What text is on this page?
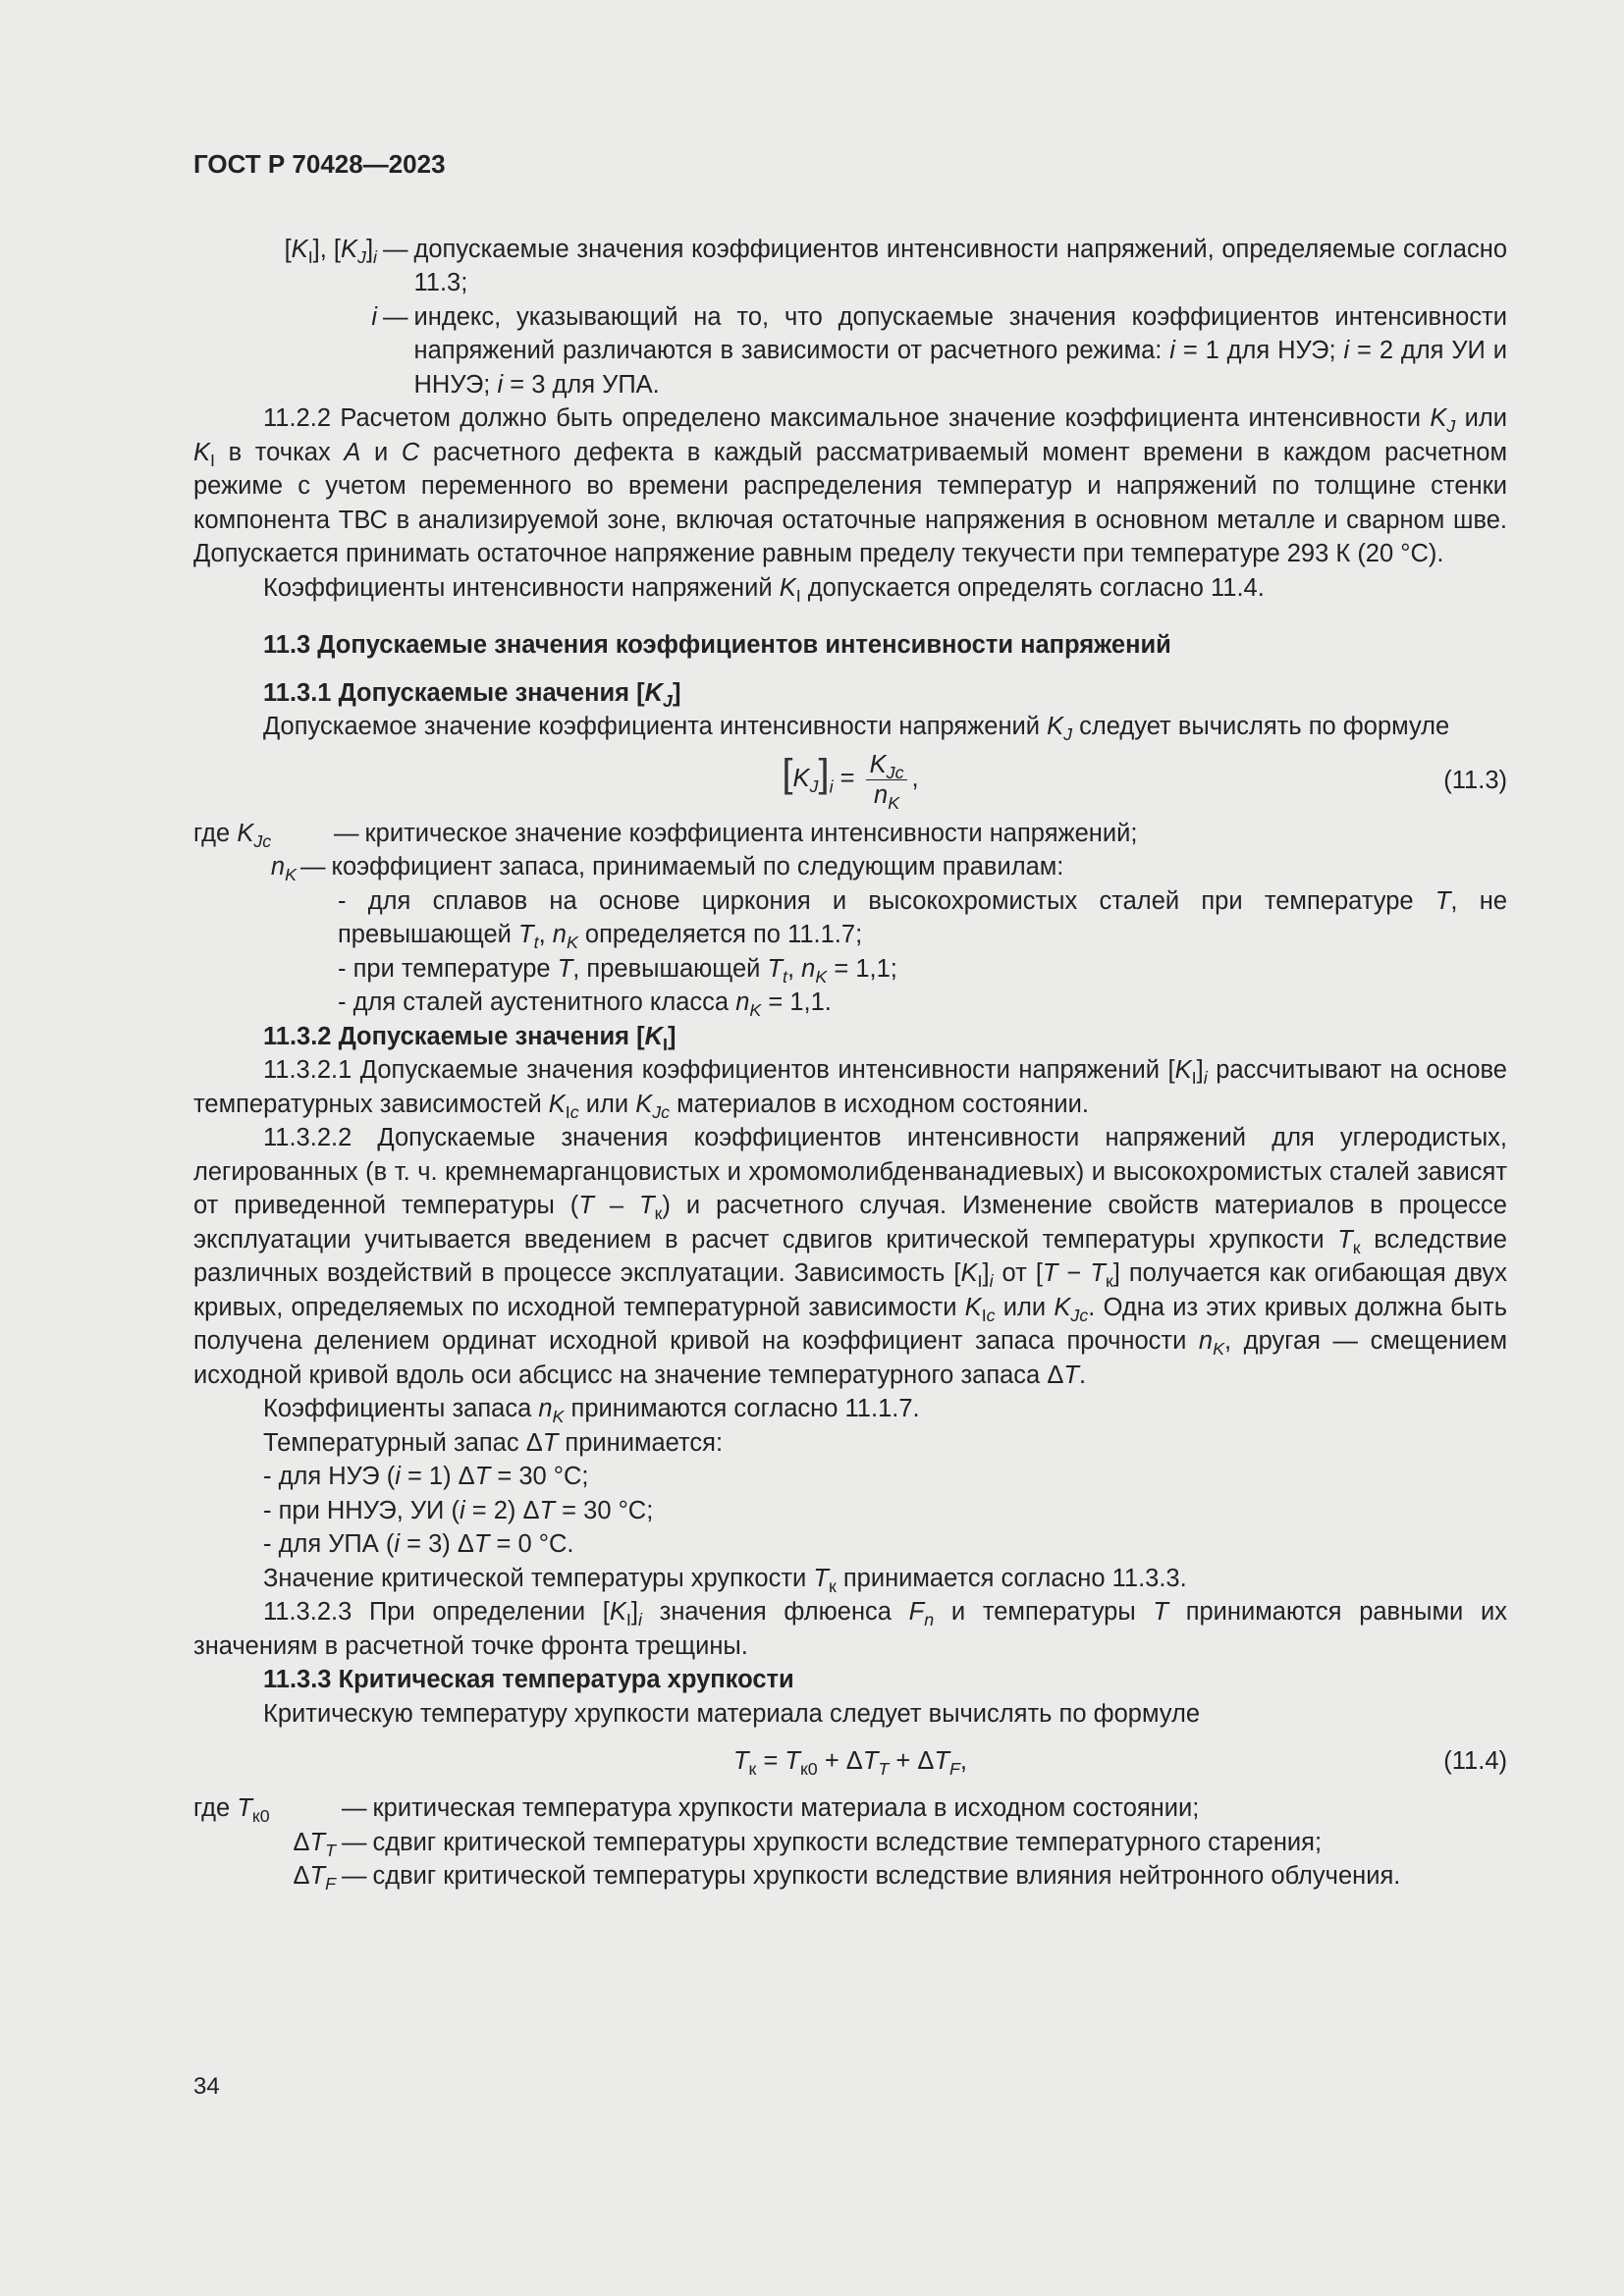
ГОСТ Р 70428—2023
$[K_I]$, $[K_J]_i$ — допускаемые значения коэффициентов интенсивности напряжений, определяемые согласно 11.3;
i — индекс, указывающий на то, что допускаемые значения коэффициентов интенсивности напряжений различаются в зависимости от расчетного режима: i = 1 для НУЭ; i = 2 для УИ и ННУЭ; i = 3 для УПА.
11.2.2 Расчетом должно быть определено максимальное значение коэффициента интенсивности $K_J$ или $K_I$ в точках A и C расчетного дефекта в каждый рассматриваемый момент времени в каждом расчетном режиме с учетом переменного во времени распределения температур и напряжений по толщине стенки компонента ТВС в анализируемой зоне, включая остаточные напряжения в основном металле и сварном шве. Допускается принимать остаточное напряжение равным пределу текучести при температуре 293 К (20 °C).
Коэффициенты интенсивности напряжений $K_I$ допускается определять согласно 11.4.
11.3 Допускаемые значения коэффициентов интенсивности напряжений
11.3.1 Допускаемые значения $[K_J]$
Допускаемое значение коэффициента интенсивности напряжений $K_J$ следует вычислять по формуле
$[K_J]_i = \frac{K_{Jc}}{n_K}$ ,	(11.3)
где $K_{Jc}$	— критическое значение коэффициента интенсивности напряжений;
$n_K$ — коэффициент запаса, принимаемый по следующим правилам:
- для сплавов на основе циркония и высокохромистых сталей при температуре T, не превышающей $T_t$, $n_K$ определяется по 11.1.7;
- при температуре T, превышающей $T_t$, $n_K = 1,1$;
- для сталей аустенитного класса $n_K = 1,1$.
11.3.2 Допускаемые значения $[K_I]$
11.3.2.1 Допускаемые значения коэффициентов интенсивности напряжений $[K_I]_i$ рассчитывают на основе температурных зависимостей $K_{Ic}$ или $K_{Jc}$ материалов в исходном состоянии.
11.3.2.2 Допускаемые значения коэффициентов интенсивности напряжений для углеродистых, легированных (в т. ч. кремнемарганцовистых и хромомолибденванадиевых) и высокохромистых сталей зависят от приведенной температуры $(T - T_к)$ и расчетного случая. Изменение свойств материалов в процессе эксплуатации учитывается введением в расчет сдвигов критической температуры хрупкости $T_к$ вследствие различных воздействий в процессе эксплуатации. Зависимость $[K_I]_i$ от $[T - T_к]$ получается как огибающая двух кривых, определяемых по исходной температурной зависимости $K_{Ic}$ или $K_{Jc}$. Одна из этих кривых должна быть получена делением ординат исходной кривой на коэффициент запаса прочности $n_K$, другая — смещением исходной кривой вдоль оси абсцисс на значение температурного запаса ΔT.
Коэффициенты запаса $n_K$ принимаются согласно 11.1.7.
Температурный запас ΔT принимается:
- для НУЭ (i = 1) ΔT = 30 °C;
- при ННУЭ, УИ (i = 2) ΔT = 30 °C;
- для УПА (i = 3) ΔT = 0 °C.
Значение критической температуры хрупкости $T_к$ принимается согласно 11.3.3.
11.3.2.3 При определении $[K_I]_i$ значения флюенса $F_n$ и температуры T принимаются равными их значениям в расчетной точке фронта трещины.
11.3.3 Критическая температура хрупкости
Критическую температуру хрупкости материала следует вычислять по формуле
$T_к = T_{к0} + \Delta T_T + \Delta T_F$,	(11.4)
где $T_{к0}$	— критическая температура хрупкости материала в исходном состоянии;
$\Delta T_T$ — сдвиг критической температуры хрупкости вследствие температурного старения;
$\Delta T_F$ — сдвиг критической температуры хрупкости вследствие влияния нейтронного облучения.
34
